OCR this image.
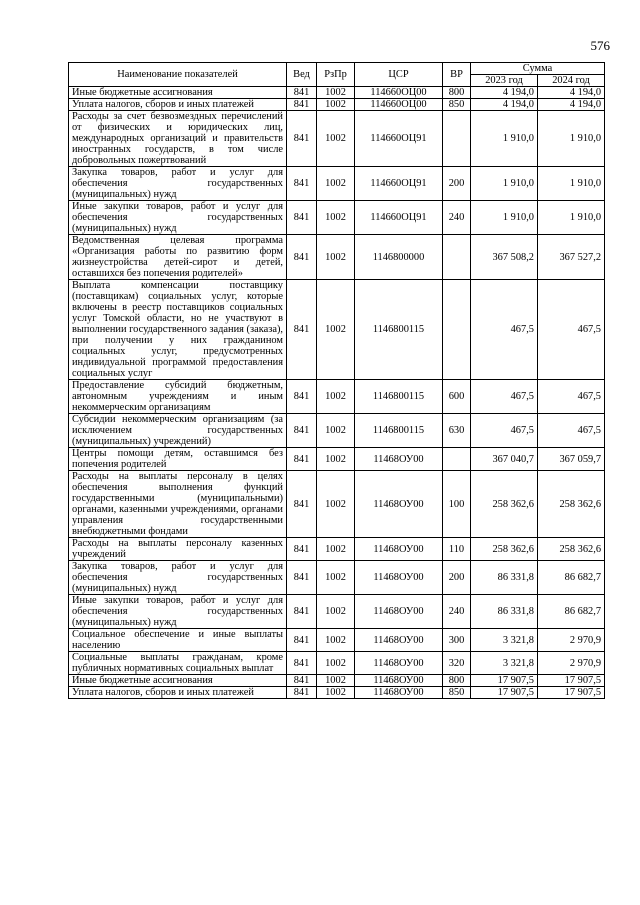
576
Наименование показателей	Вед	РзПр	ЦСР	ВР	Сумма	
					2023 год	2024 год
Иные бюджетные ассигнования	841	1002	114660ОЦ00	800	4 194,0	4 194,0
Уплата налогов, сборов и иных платежей	841	1002	114660ОЦ00	850	4 194,0	4 194,0
Расходы за счет безвозмездных перечислений от физических и юридических лиц, международных организаций и правительств иностранных государств, в том числе добровольных пожертвований	841	1002	114660ОЦ91		1 910,0	1 910,0
Закупка товаров, работ и услуг для обеспечения государственных (муниципальных) нужд	841	1002	114660ОЦ91	200	1 910,0	1 910,0
Иные закупки товаров, работ и услуг для обеспечения государственных (муниципальных) нужд	841	1002	114660ОЦ91	240	1 910,0	1 910,0
Ведомственная целевая программа «Организация работы по развитию форм жизнеустройства детей-сирот и детей, оставшихся без попечения родителей»	841	1002	1146800000		367 508,2	367 527,2
Выплата компенсации поставщику (поставщикам) социальных услуг, которые включены в реестр поставщиков социальных услуг Томской области, но не участвуют в выполнении государственного задания (заказа), при получении у них гражданином социальных услуг, предусмотренных индивидуальной программой предоставления социальных услуг	841	1002	1146800115		467,5	467,5
Предоставление субсидий бюджетным, автономным учреждениям и иным некоммерческим организациям	841	1002	1146800115	600	467,5	467,5
Субсидии некоммерческим организациям (за исключением государственных (муниципальных) учреждений)	841	1002	1146800115	630	467,5	467,5
Центры помощи детям, оставшимся без попечения родителей	841	1002	11468ОУ00		367 040,7	367 059,7
Расходы на выплаты персоналу в целях обеспечения выполнения функций государственными (муниципальными) органами, казенными учреждениями, органами управления государственными внебюджетными фондами	841	1002	11468ОУ00	100	258 362,6	258 362,6
Расходы на выплаты персоналу казенных учреждений	841	1002	11468ОУ00	110	258 362,6	258 362,6
Закупка товаров, работ и услуг для обеспечения государственных (муниципальных) нужд	841	1002	11468ОУ00	200	86 331,8	86 682,7
Иные закупки товаров, работ и услуг для обеспечения государственных (муниципальных) нужд	841	1002	11468ОУ00	240	86 331,8	86 682,7
Социальное обеспечение и иные выплаты населению	841	1002	11468ОУ00	300	3 321,8	2 970,9
Социальные выплаты гражданам, кроме публичных нормативных социальных выплат	841	1002	11468ОУ00	320	3 321,8	2 970,9
Иные бюджетные ассигнования	841	1002	11468ОУ00	800	17 907,5	17 907,5
Уплата налогов, сборов и иных платежей	841	1002	11468ОУ00	850	17 907,5	17 907,5
